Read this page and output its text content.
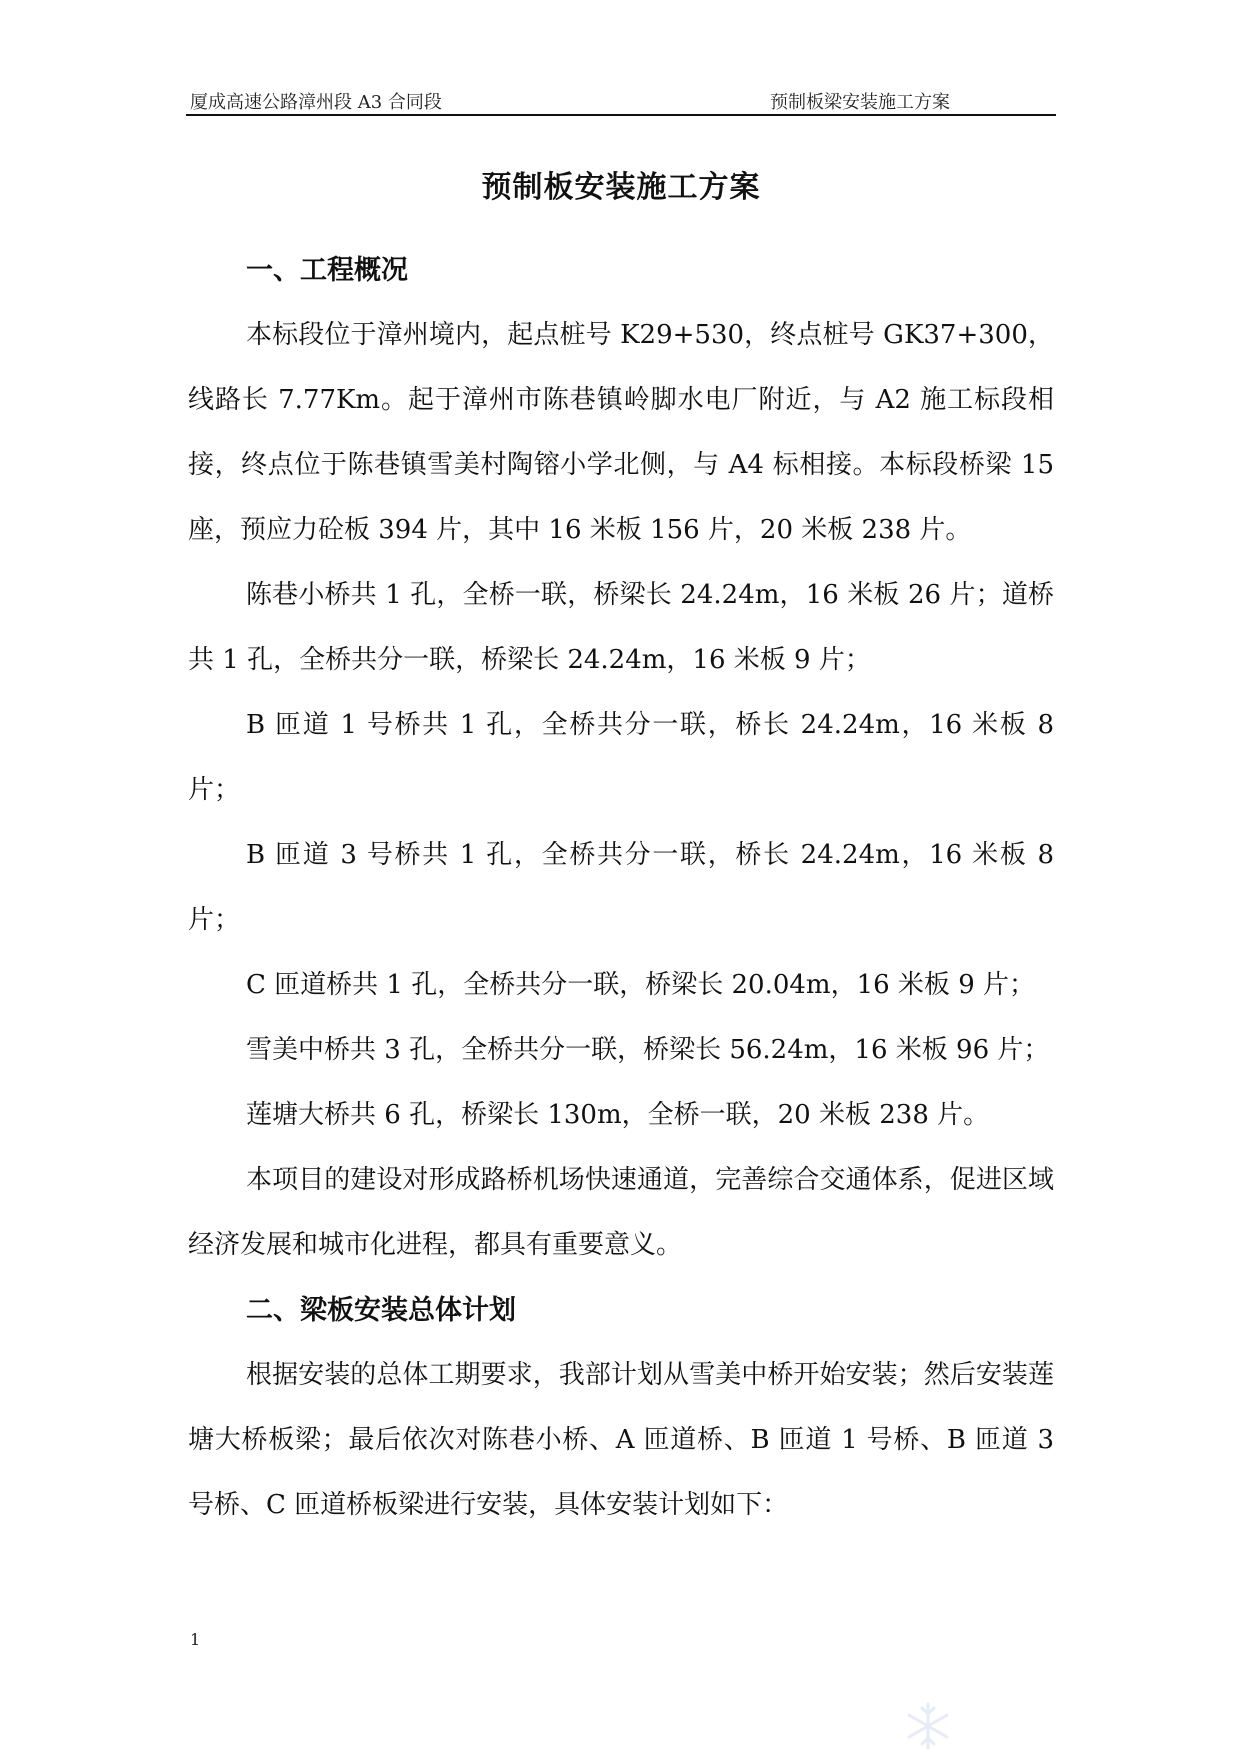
厦成高速公路漳州段 A3 合同段	预制板梁安装施工方案
预制板安装施工方案
一、工程概况

本标段位于漳州境内，起点桩号 K29+530，终点桩号 GK37+300，线路长 7.77Km。起于漳州市陈巷镇岭脚水电厂附近，与 A2 施工标段相接，终点位于陈巷镇雪美村陶镕小学北侧，与 A4 标相接。本标段桥梁 15 座，预应力砼板 394 片，其中 16 米板 156 片，20 米板 238 片。

陈巷小桥共 1 孔，全桥一联，桥梁长 24.24m，16 米板 26 片；道桥共 1 孔，全桥共分一联，桥梁长 24.24m，16 米板 9 片；

B 匝道 1 号桥共 1 孔，全桥共分一联，桥长 24.24m，16 米板 8 片；

B 匝道 3 号桥共 1 孔，全桥共分一联，桥长 24.24m，16 米板 8 片；

C 匝道桥共 1 孔，全桥共分一联，桥梁长 20.04m，16 米板 9 片；

雪美中桥共 3 孔，全桥共分一联，桥梁长 56.24m，16 米板 96 片；

莲塘大桥共 6 孔，桥梁长 130m，全桥一联，20 米板 238 片。

本项目的建设对形成路桥机场快速通道，完善综合交通体系，促进区域经济发展和城市化进程，都具有重要意义。

二、梁板安装总体计划

根据安装的总体工期要求，我部计划从雪美中桥开始安装；然后安装莲塘大桥板梁；最后依次对陈巷小桥、A 匝道桥、B 匝道 1 号桥、B 匝道 3 号桥、C 匝道桥板梁进行安装，具体安装计划如下：

1
